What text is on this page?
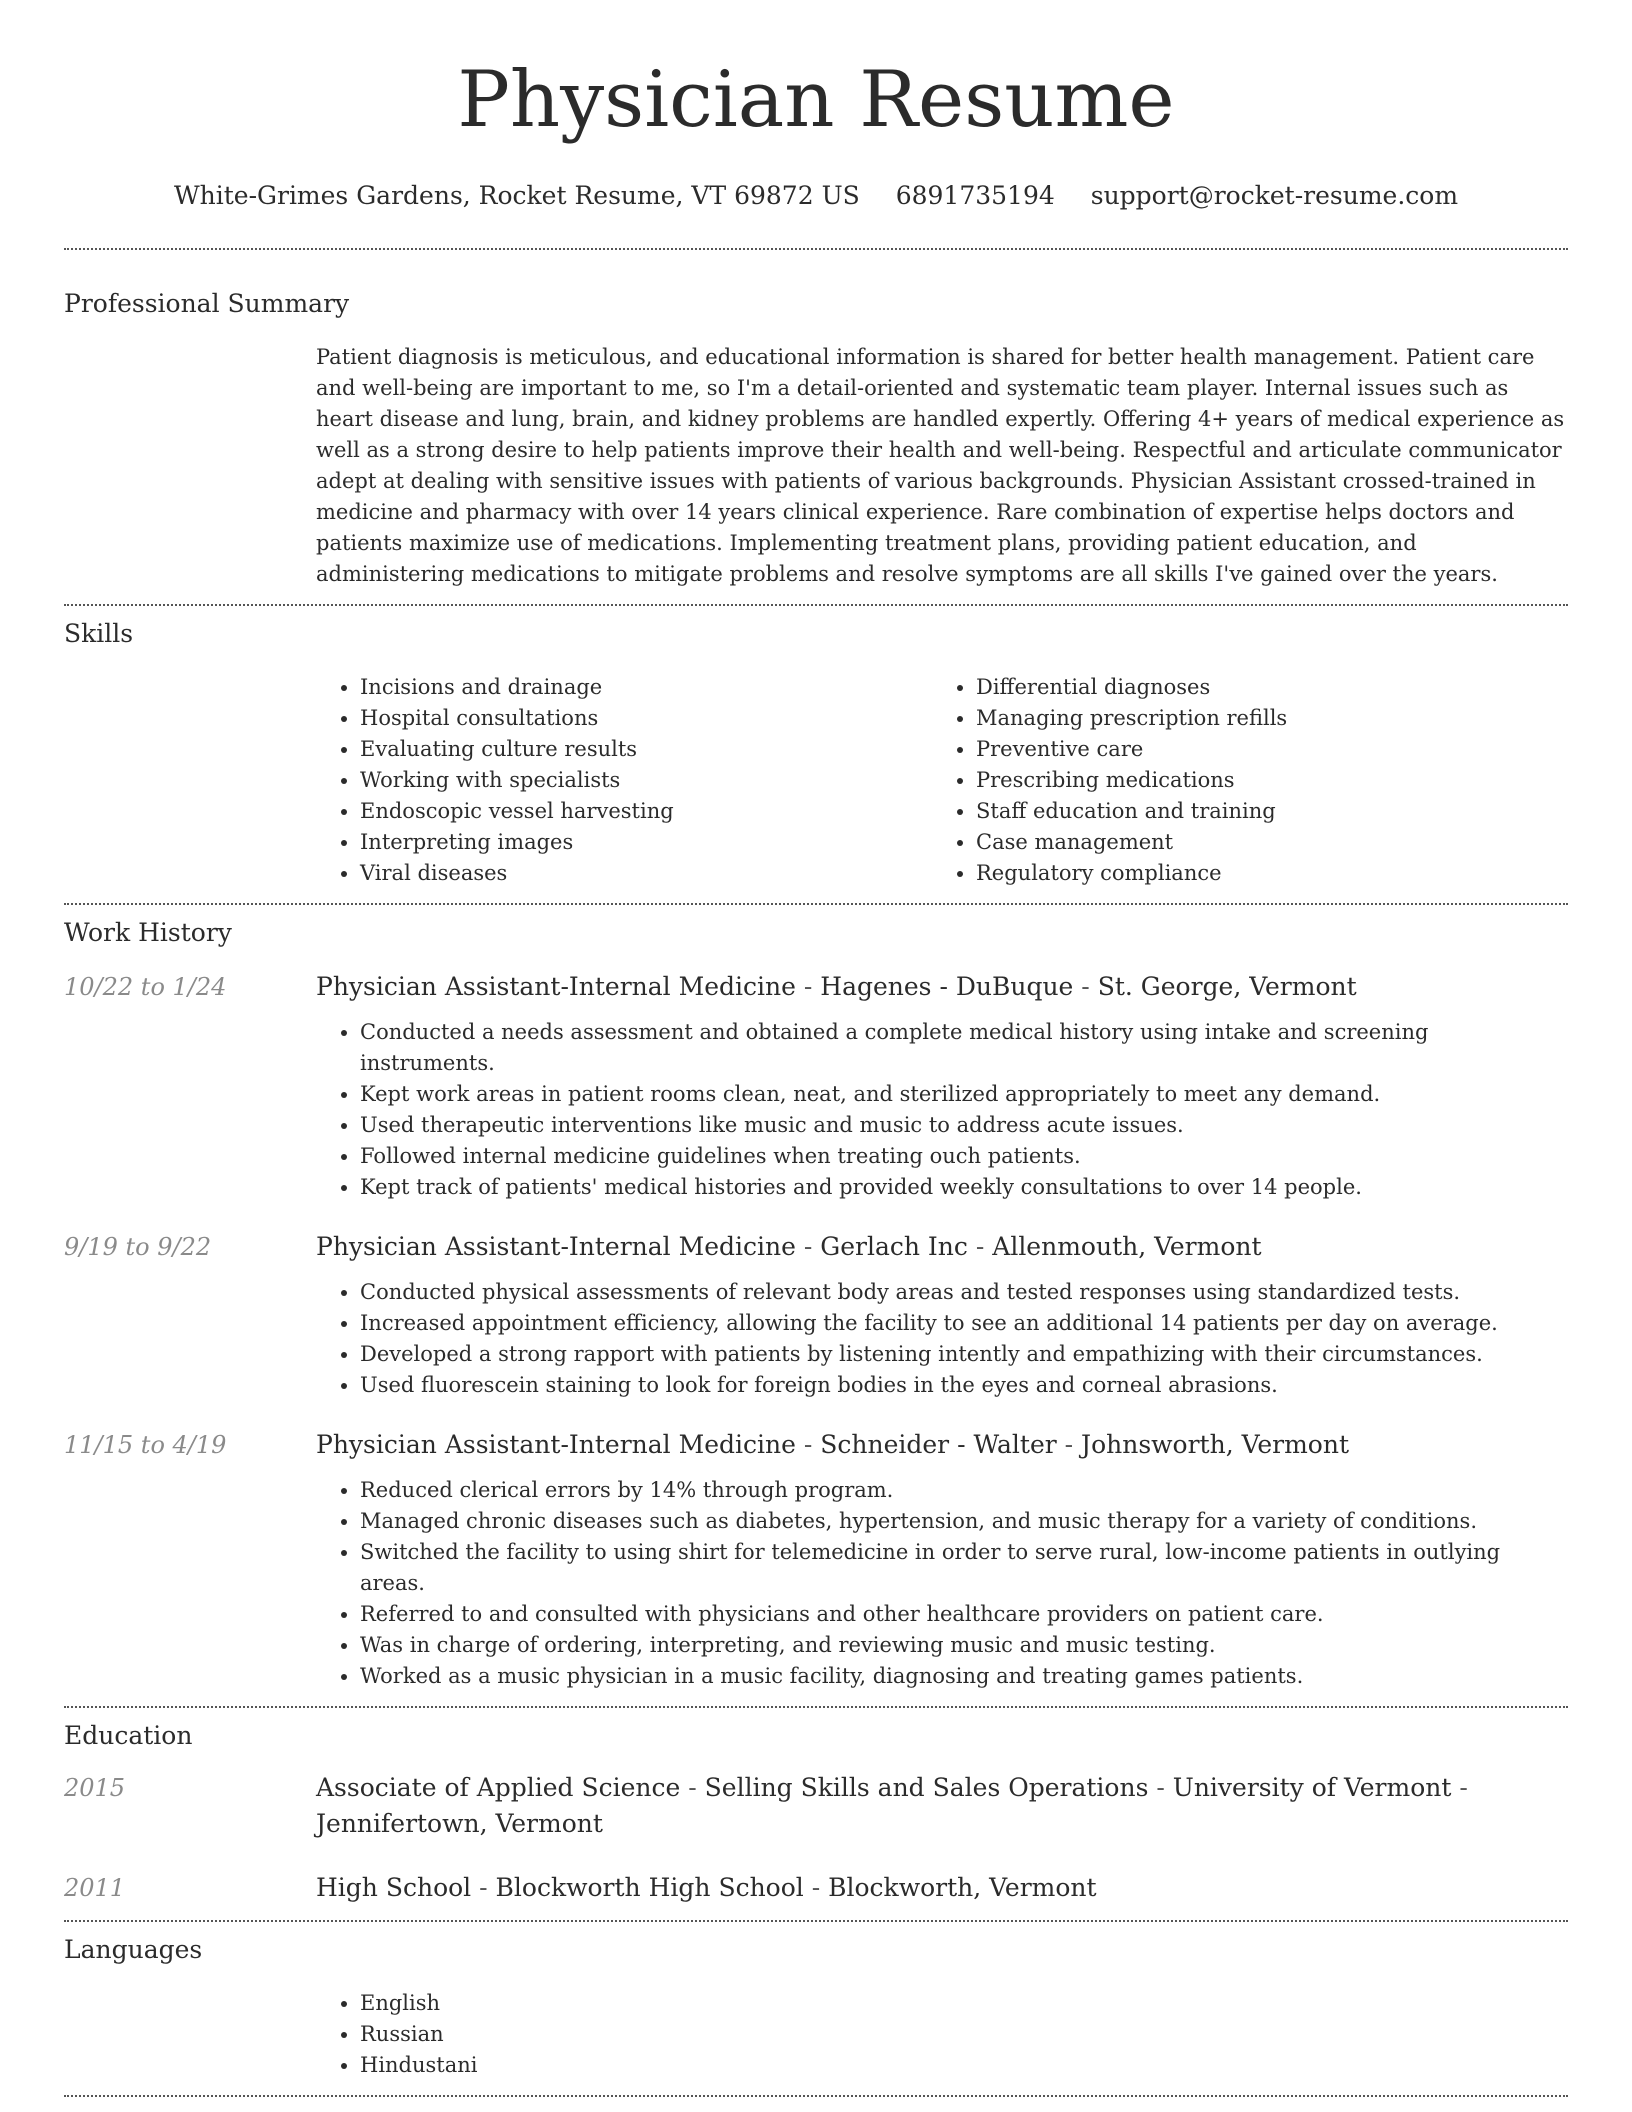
Physician Resume
White-Grimes Gardens, Rocket Resume, VT 69872 US 6891735194 support@rocket-resume.com
Professional Summary

Patient diagnosis is meticulous, and educational information is shared for better health management. Patient care and well-being are important to me, so I'm a detail-oriented and systematic team player. Internal issues such as heart disease and lung, brain, and kidney problems are handled expertly. Offering 4+ years of medical experience as well as a strong desire to help patients improve their health and well-being. Respectful and articulate communicator adept at dealing with sensitive issues with patients of various backgrounds. Physician Assistant crossed-trained in medicine and pharmacy with over 14 years clinical experience. Rare combination of expertise helps doctors and patients maximize use of medications. Implementing treatment plans, providing patient education, and administering medications to mitigate problems and resolve symptoms are all skills I've gained over the years.

Skills
• Incisions and drainage
• Hospital consultations
• Evaluating culture results
• Working with specialists
• Endoscopic vessel harvesting
• Interpreting images
• Viral diseases
• Differential diagnoses
• Managing prescription refills
• Preventive care
• Prescribing medications
• Staff education and training
• Case management
• Regulatory compliance
Work History
10/22 to 1/24	Physician Assistant-Internal Medicine - Hagenes - DuBuque - St. George, Vermont
• Conducted a needs assessment and obtained a complete medical history using intake and screening instruments.
• Kept work areas in patient rooms clean, neat, and sterilized appropriately to meet any demand.
• Used therapeutic interventions like music and music to address acute issues.
• Followed internal medicine guidelines when treating ouch patients.
• Kept track of patients' medical histories and provided weekly consultations to over 14 people.
9/19 to 9/22	Physician Assistant-Internal Medicine - Gerlach Inc - Allenmouth, Vermont
• Conducted physical assessments of relevant body areas and tested responses using standardized tests.
• Increased appointment efficiency, allowing the facility to see an additional 14 patients per day on average.
• Developed a strong rapport with patients by listening intently and empathizing with their circumstances.
• Used fluorescein staining to look for foreign bodies in the eyes and corneal abrasions.
11/15 to 4/19	Physician Assistant-Internal Medicine - Schneider - Walter - Johnsworth, Vermont
• Reduced clerical errors by 14% through program.
• Managed chronic diseases such as diabetes, hypertension, and music therapy for a variety of conditions.
• Switched the facility to using shirt for telemedicine in order to serve rural, low-income patients in outlying areas.
• Referred to and consulted with physicians and other healthcare providers on patient care.
• Was in charge of ordering, interpreting, and reviewing music and music testing.
• Worked as a music physician in a music facility, diagnosing and treating games patients.
Education
2015	Associate of Applied Science - Selling Skills and Sales Operations - University of Vermont - Jennifertown, Vermont
2011	High School - Blockworth High School - Blockworth, Vermont
Languages
• English
• Russian
• Hindustani
